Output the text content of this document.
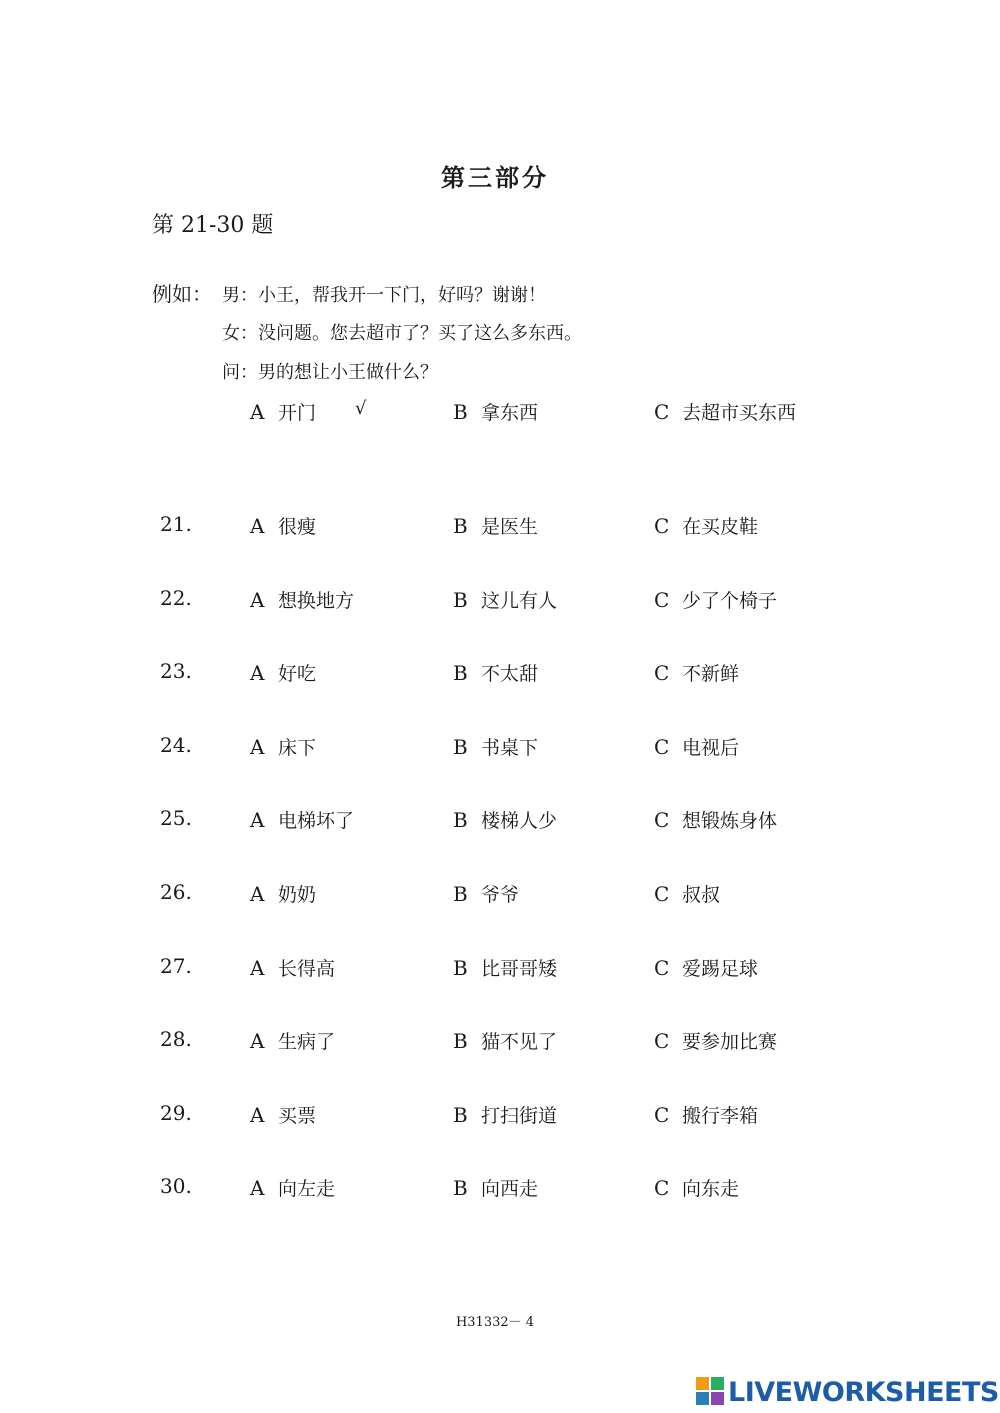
第三部分
第 21-30 题
例如： 男：小王，帮我开一下门，好吗？谢谢！
女：没问题。您去超市了？买了这么多东西。
问：男的想让小王做什么？
A 开门 √	B 拿东西	C 去超市买东西
21.	A 很瘦	B 是医生	C 在买皮鞋
22.	A 想换地方	B 这儿有人	C 少了个椅子
23.	A 好吃	B 不太甜	C 不新鲜
24.	A 床下	B 书桌下	C 电视后
25.	A 电梯坏了	B 楼梯人少	C 想锻炼身体
26.	A 奶奶	B 爷爷	C 叔叔
27.	A 长得高	B 比哥哥矮	C 爱踢足球
28.	A 生病了	B 猫不见了	C 要参加比赛
29.	A 买票	B 打扫街道	C 搬行李箱
30.	A 向左走	B 向西走	C 向东走
H31332－ 4
LIVEWORKSHEETS
